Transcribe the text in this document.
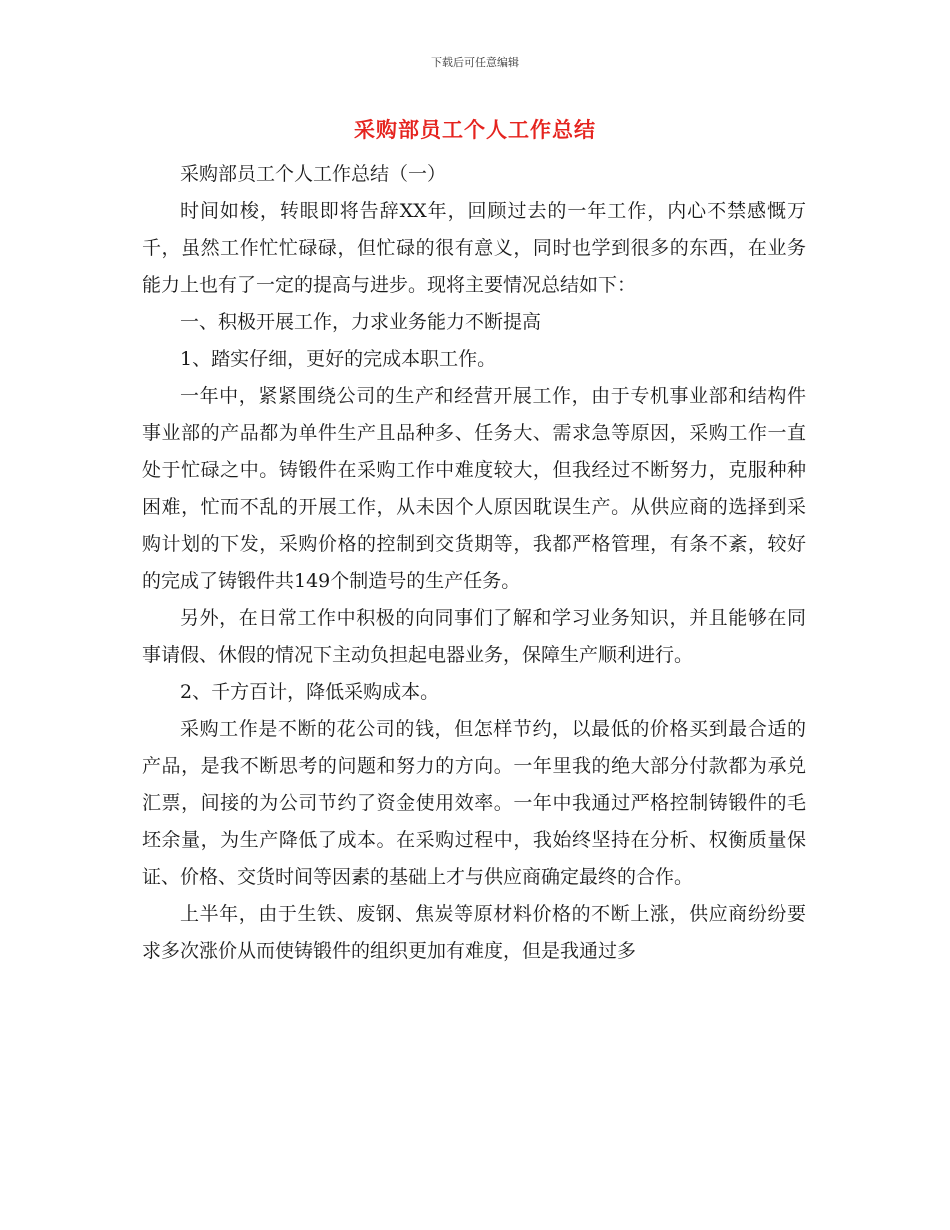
下载后可任意编辑
采购部员工个人工作总结

采购部员工个人工作总结（一）

时间如梭，转眼即将告辞XX年，回顾过去的一年工作，内心不禁感慨万千，虽然工作忙忙碌碌，但忙碌的很有意义，同时也学到很多的东西，在业务能力上也有了一定的提高与进步。现将主要情况总结如下：

一、积极开展工作，力求业务能力不断提高

1、踏实仔细，更好的完成本职工作。

一年中，紧紧围绕公司的生产和经营开展工作，由于专机事业部和结构件事业部的产品都为单件生产且品种多、任务大、需求急等原因，采购工作一直处于忙碌之中。铸锻件在采购工作中难度较大，但我经过不断努力，克服种种困难，忙而不乱的开展工作，从未因个人原因耽误生产。从供应商的选择到采购计划的下发，采购价格的控制到交货期等，我都严格管理，有条不紊，较好的完成了铸锻件共149个制造号的生产任务。

另外，在日常工作中积极的向同事们了解和学习业务知识，并且能够在同事请假、休假的情况下主动负担起电器业务，保障生产顺利进行。

2、千方百计，降低采购成本。

采购工作是不断的花公司的钱，但怎样节约，以最低的价格买到最合适的产品，是我不断思考的问题和努力的方向。一年里我的绝大部分付款都为承兑汇票，间接的为公司节约了资金使用效率。一年中我通过严格控制铸锻件的毛坯余量，为生产降低了成本。在采购过程中，我始终坚持在分析、权衡质量保证、价格、交货时间等因素的基础上才与供应商确定最终的合作。

上半年，由于生铁、废钢、焦炭等原材料价格的不断上涨，供应商纷纷要求多次涨价从而使铸锻件的组织更加有难度，但是我通过多
